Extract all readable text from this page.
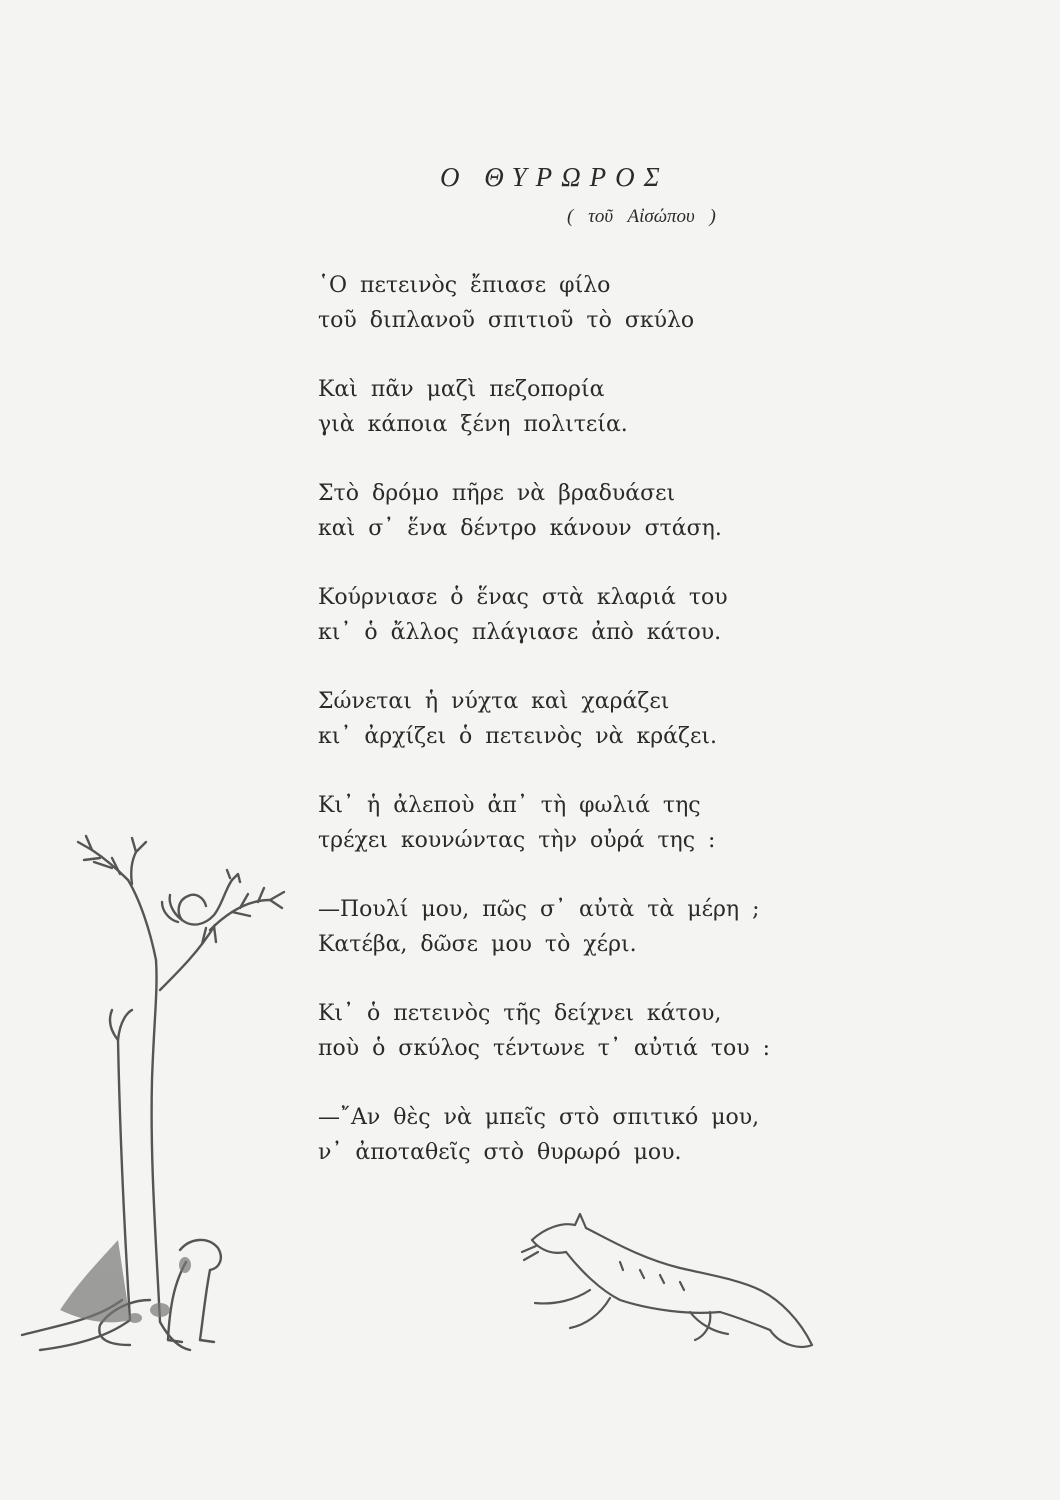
Ο ΘΥΡΩΡΟΣ
( τοῦ Αἰσώπου )
῾Ο πετεινὸς ἔπιασε φίλο
τοῦ διπλανοῦ σπιτιοῦ τὸ σκύλο
Καὶ πᾶν μαζὶ πεζοπορία
γιὰ κάποια ξένη πολιτεία.
Στὸ δρόμο πῆρε νὰ βραδυάσει
καὶ σ᾽ ἕνα δέντρο κάνουν στάση.
Κούρνιασε ὁ ἕνας στὰ κλαριά του
κι᾽ ὁ ἄλλος πλάγιασε ἀπὸ κάτου.
Σώνεται ἡ νύχτα καὶ χαράζει
κι᾽ ἀρχίζει ὁ πετεινὸς νὰ κράζει.
Κι᾽ ἡ ἀλεποὺ ἀπ᾽ τὴ φωλιά της
τρέχει κουνώντας τὴν οὐρά της :
—Πουλί μου, πῶς σ᾽ αὐτὰ τὰ μέρη ;
Κατέβα, δῶσε μου τὸ χέρι.
Κι᾽ ὁ πετεινὸς τῆς δείχνει κάτου,
ποὺ ὁ σκύλος τέντωνε τ᾽ αὐτιά του :
—῎Αν θὲς νὰ μπεῖς στὸ σπιτικό μου,
ν᾽ ἀποταθεῖς στὸ θυρωρό μου.
